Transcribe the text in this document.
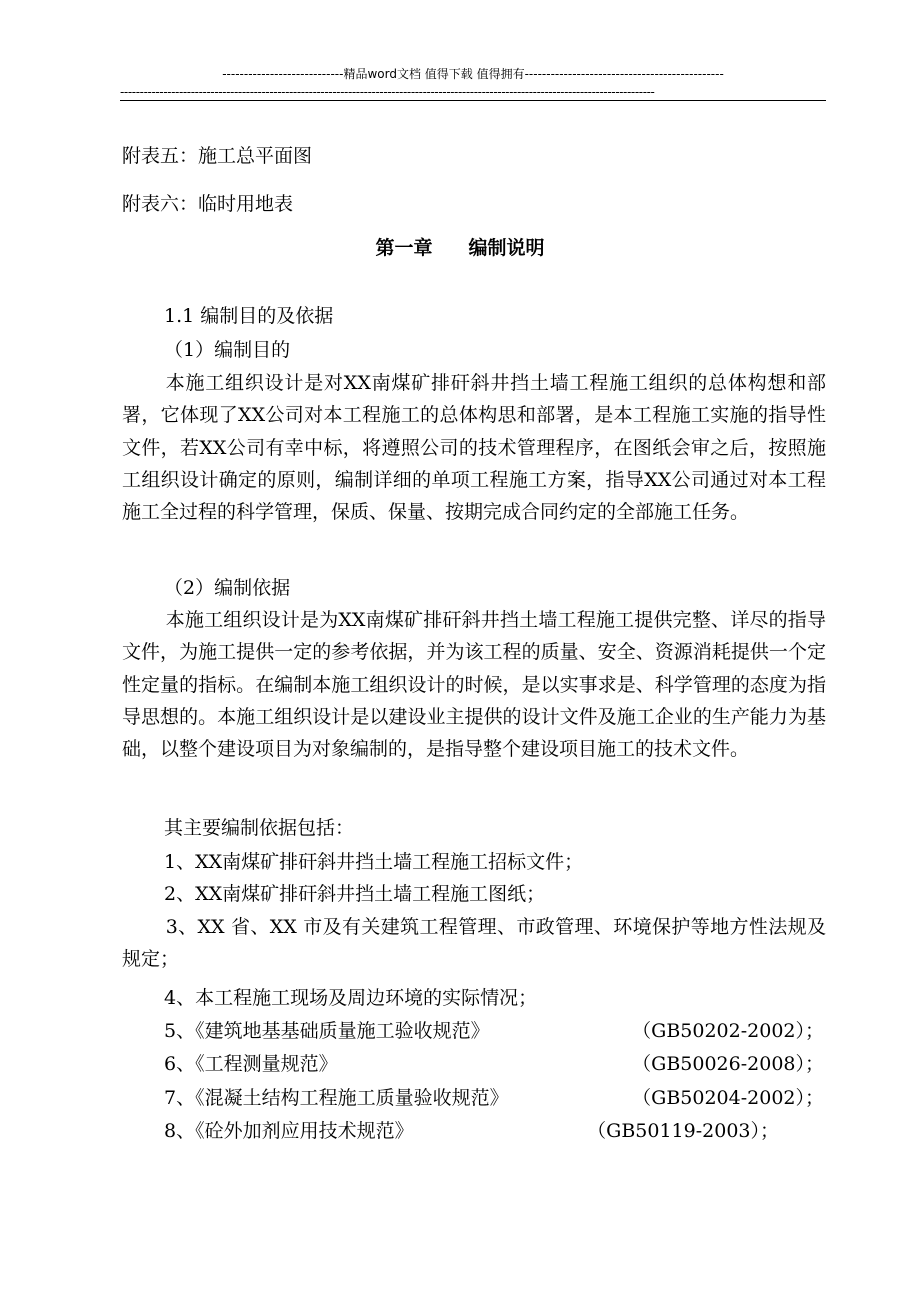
----------------------------精品word文档 值得下载 值得拥有----------------------------------------------
----------------------------------------------------------------------------------------------------------------------------------------
附表五：施工总平面图
附表六：临时用地表
第一章 编制说明
1.1 编制目的及依据
（1）编制目的
本施工组织设计是对XX南煤矿排矸斜井挡土墙工程施工组织的总体构想和部署，它体现了XX公司对本工程施工的总体构思和部署，是本工程施工实施的指导性文件，若XX公司有幸中标，将遵照公司的技术管理程序，在图纸会审之后，按照施工组织设计确定的原则，编制详细的单项工程施工方案，指导XX公司通过对本工程施工全过程的科学管理，保质、保量、按期完成合同约定的全部施工任务。
（2）编制依据
本施工组织设计是为XX南煤矿排矸斜井挡土墙工程施工提供完整、详尽的指导文件，为施工提供一定的参考依据，并为该工程的质量、安全、资源消耗提供一个定性定量的指标。在编制本施工组织设计的时候，是以实事求是、科学管理的态度为指导思想的。本施工组织设计是以建设业主提供的设计文件及施工企业的生产能力为基础，以整个建设项目为对象编制的，是指导整个建设项目施工的技术文件。
其主要编制依据包括：
1、XX南煤矿排矸斜井挡土墙工程施工招标文件；
2、XX南煤矿排矸斜井挡土墙工程施工图纸；
3、XX 省、XX 市及有关建筑工程管理、市政管理、环境保护等地方性法规及规定；
4、本工程施工现场及周边环境的实际情况；
5、《建筑地基基础质量施工验收规范》	（GB50202-2002）；
6、《工程测量规范》	（GB50026-2008）；
7、《混凝土结构工程施工质量验收规范》	（GB50204-2002）；
8、《砼外加剂应用技术规范》	（GB50119-2003）；
